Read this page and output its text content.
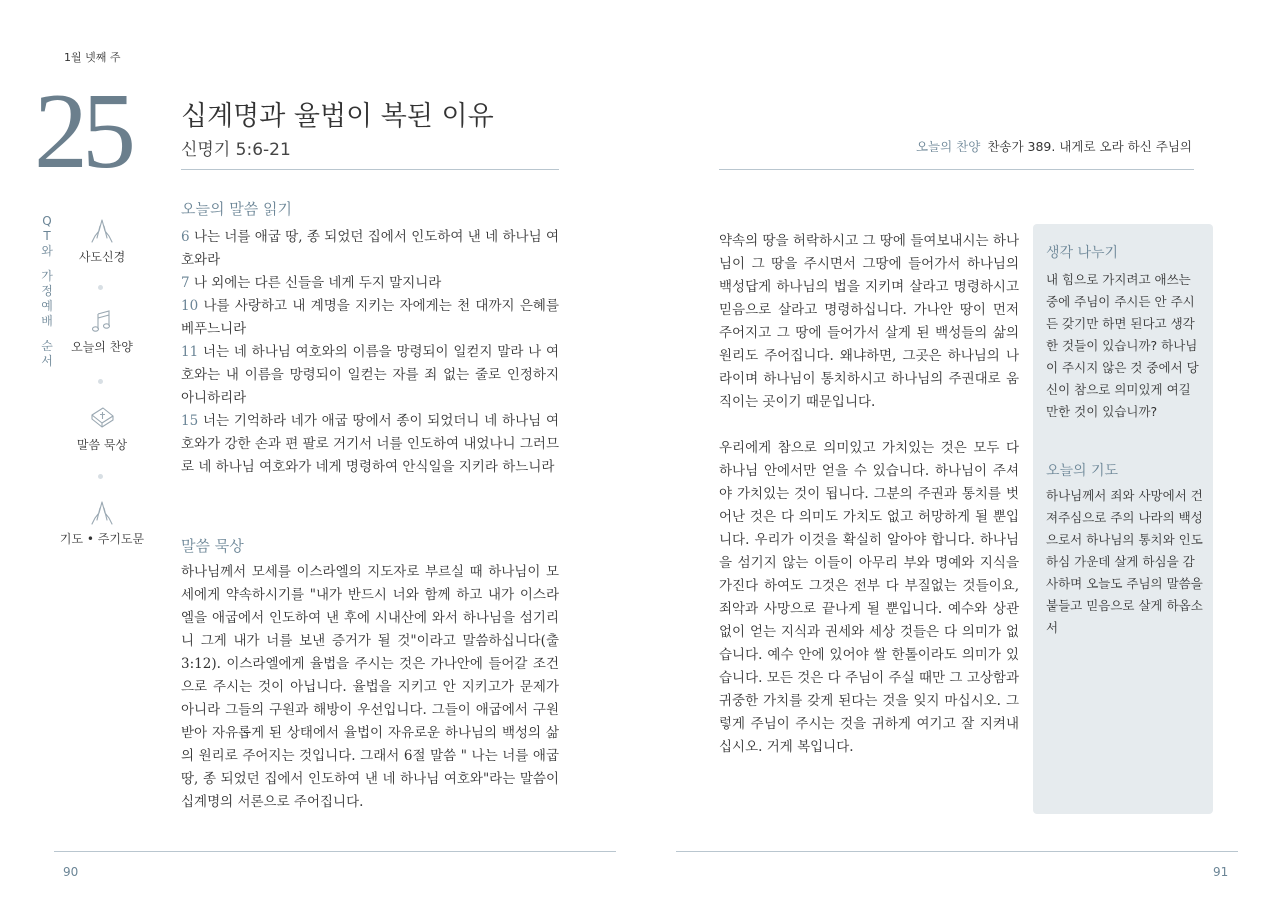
1월 넷째 주
25 십계명과 율법이 복된 이유
신명기 5:6-21	오늘의 찬양 찬송가 389. 내게로 오라 하신 주님의
Q
T
와
가
정
예
배
순
서
사도신경
오늘의 찬양
말씀 묵상
기도 • 주기도문
오늘의 말씀 읽기
6 나는 너를 애굽 땅, 종 되었던 집에서 인도하여 낸 네 하나님 여호와라
7 나 외에는 다른 신들을 네게 두지 말지니라
10 나를 사랑하고 내 계명을 지키는 자에게는 천 대까지 은혜를 베푸느니라
11 너는 네 하나님 여호와의 이름을 망령되이 일컫지 말라 나 여호와는 내 이름을 망령되이 일컫는 자를 죄 없는 줄로 인정하지 아니하리라
15 너는 기억하라 네가 애굽 땅에서 종이 되었더니 네 하나님 여호와가 강한 손과 편 팔로 거기서 너를 인도하여 내었나니 그러므로 네 하나님 여호와가 네게 명령하여 안식일을 지키라 하느니라
말씀 묵상
하나님께서 모세를 이스라엘의 지도자로 부르실 때 하나님이 모세에게 약속하시기를 "내가 반드시 너와 함께 하고 내가 이스라엘을 애굽에서 인도하여 낸 후에 시내산에 와서 하나님을 섬기리니 그게 내가 너를 보낸 증거가 될 것"이라고 말씀하십니다(출3:12). 이스라엘에게 율법을 주시는 것은 가나안에 들어갈 조건으로 주시는 것이 아닙니다. 율법을 지키고 안 지키고가 문제가 아니라 그들의 구원과 해방이 우선입니다. 그들이 애굽에서 구원받아 자유롭게 된 상태에서 율법이 자유로운 하나님의 백성의 삶의 원리로 주어지는 것입니다. 그래서 6절 말씀 " 나는 너를 애굽 땅, 종 되었던 집에서 인도하여 낸 네 하나님 여호와"라는 말씀이 십계명의 서론으로 주어집니다.

약속의 땅을 허락하시고 그 땅에 들여보내시는 하나님이 그 땅을 주시면서 그땅에 들어가서 하나님의 백성답게 하나님의 법을 지키며 살라고 명령하시고 믿음으로 살라고 명령하십니다. 가나안 땅이 먼저 주어지고 그 땅에 들어가서 살게 된 백성들의 삶의 원리도 주어집니다. 왜냐하면, 그곳은 하나님의 나라이며 하나님이 통치하시고 하나님의 주권대로 움직이는 곳이기 때문입니다.

우리에게 참으로 의미있고 가치있는 것은 모두 다 하나님 안에서만 얻을 수 있습니다. 하나님이 주셔야 가치있는 것이 됩니다. 그분의 주권과 통치를 벗어난 것은 다 의미도 가치도 없고 허망하게 될 뿐입니다. 우리가 이것을 확실히 알아야 합니다. 하나님을 섬기지 않는 이들이 아무리 부와 명예와 지식을 가진다 하여도 그것은 전부 다 부질없는 것들이요, 죄악과 사망으로 끝나게 될 뿐입니다. 예수와 상관없이 얻는 지식과 권세와 세상 것들은 다 의미가 없습니다. 예수 안에 있어야 쌀 한톨이라도 의미가 있습니다. 모든 것은 다 주님이 주실 때만 그 고상함과 귀중한 가치를 갖게 된다는 것을 잊지 마십시오. 그렇게 주님이 주시는 것을 귀하게 여기고 잘 지켜내십시오. 거게 복입니다.

생각 나누기
내 힘으로 가지려고 애쓰는 중에 주님이 주시든 안 주시든 갖기만 하면 된다고 생각한 것들이 있습니까? 하나님이 주시지 않은 것 중에서 당신이 참으로 의미있게 여길 만한 것이 있습니까?
오늘의 기도
하나님께서 죄와 사망에서 건져주심으로 주의 나라의 백성으로서 하나님의 통치와 인도하심 가운데 살게 하심을 감사하며 오늘도 주님의 말씀을 붙들고 믿음으로 살게 하옵소서
90	91
